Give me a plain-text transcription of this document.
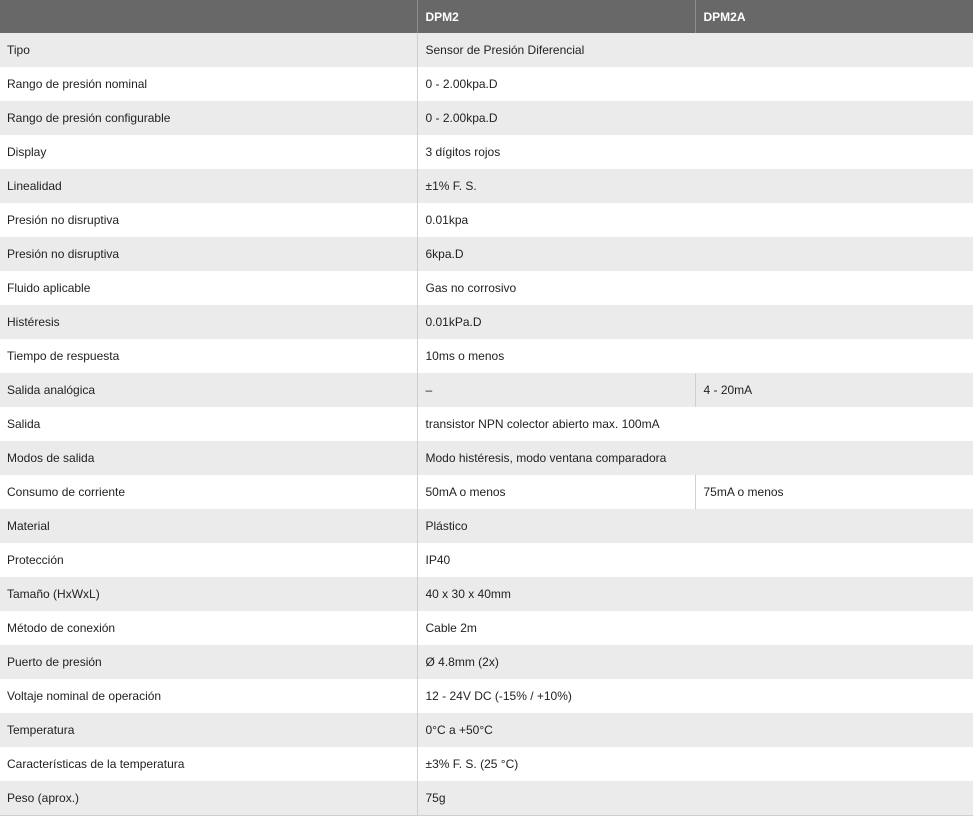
	DPM2	DPM2A
Tipo	Sensor de Presión Diferencial	
Rango de presión nominal	0 - 2.00kpa.D	
Rango de presión configurable	0 - 2.00kpa.D	
Display	3 dígitos rojos	
Linealidad	±1% F. S.	
Presión no disruptiva	0.01kpa	
Presión no disruptiva	6kpa.D	
Fluido aplicable	Gas no corrosivo	
Histéresis	0.01kPa.D	
Tiempo de respuesta	10ms o menos	
Salida analógica	–	4 - 20mA
Salida	transistor NPN colector abierto max. 100mA	
Modos de salida	Modo histéresis, modo ventana comparadora	
Consumo de corriente	50mA o menos	75mA o menos
Material	Plástico	
Protección	IP40	
Tamaño (HxWxL)	40 x 30 x 40mm	
Método de conexión	Cable 2m	
Puerto de presión	Ø 4.8mm (2x)	
Voltaje nominal de operación	12 - 24V DC (-15% / +10%)	
Temperatura	0°C a +50°C	
Características de la temperatura	±3% F. S. (25 °C)	
Peso (aprox.)	75g	
